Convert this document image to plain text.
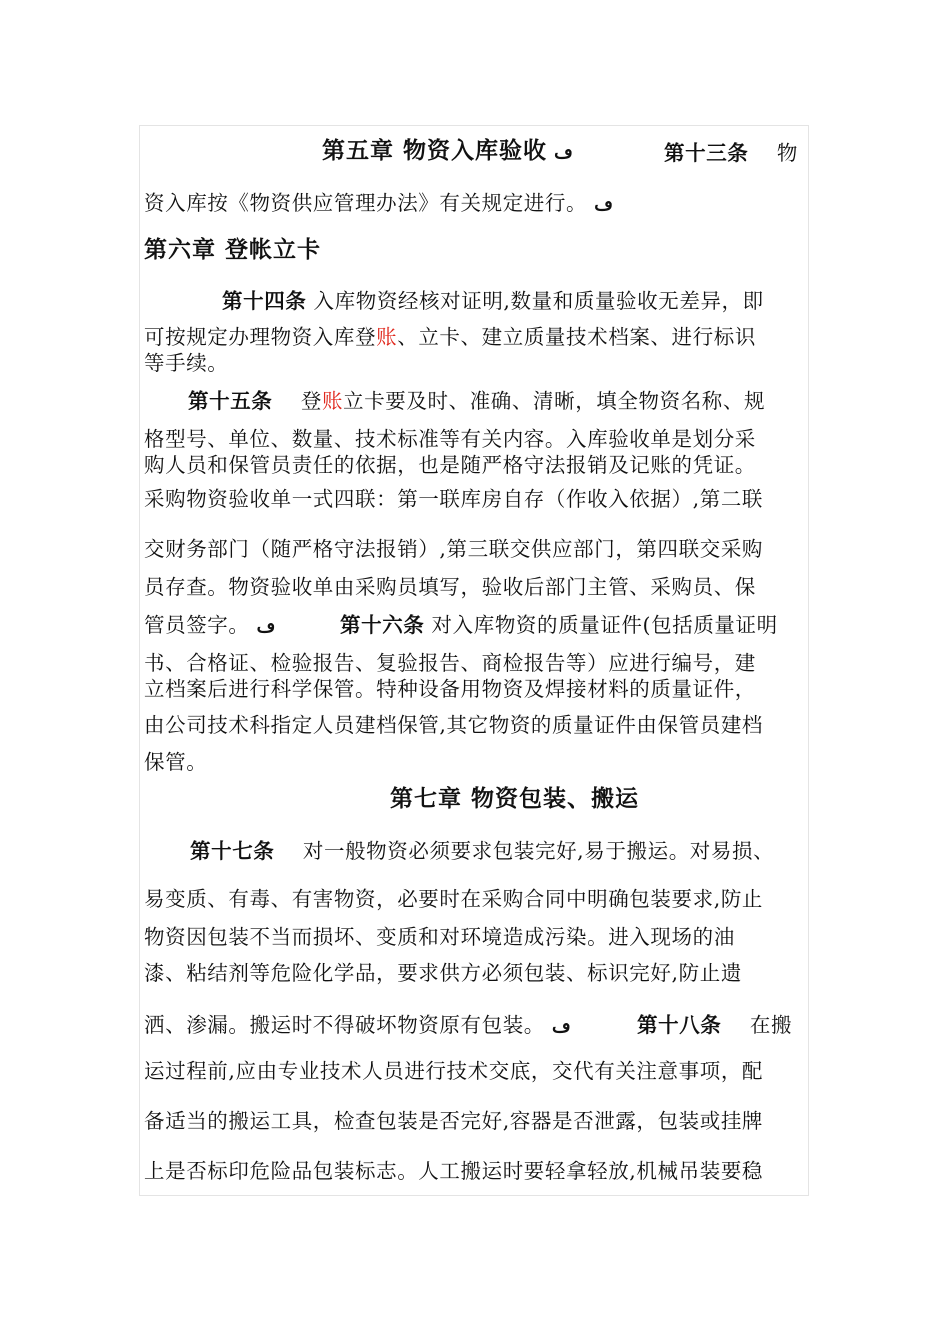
第五章 物资入库验收 ڡ	第十三条 物
资入库按《物资供应管理办法》有关规定进行。 ڡ
第六章 登帐立卡
第十四条 入库物资经核对证明,数量和质量验收无差异，即
可按规定办理物资入库登账、立卡、建立质量技术档案、进行标识
等手续。
第十五条 登账立卡要及时、准确、清晰，填全物资名称、规
格型号、单位、数量、技术标准等有关内容。入库验收单是划分采
购人员和保管员责任的依据，也是随严格守法报销及记账的凭证。
采购物资验收单一式四联：第一联库房自存（作收入依据）,第二联
交财务部门（随严格守法报销）,第三联交供应部门，第四联交采购
员存查。物资验收单由采购员填写，验收后部门主管、采购员、保
管员签字。 ڡ	第十六条 对入库物资的质量证件(包括质量证明
书、合格证、检验报告、复验报告、商检报告等）应进行编号，建
立档案后进行科学保管。特种设备用物资及焊接材料的质量证件，
由公司技术科指定人员建档保管,其它物资的质量证件由保管员建档
保管。
第七章 物资包装、搬运
第十七条 对一般物资必须要求包装完好,易于搬运。对易损、
易变质、有毒、有害物资，必要时在采购合同中明确包装要求,防止
物资因包装不当而损坏、变质和对环境造成污染。进入现场的油
漆、粘结剂等危险化学品，要求供方必须包装、标识完好,防止遗
洒、渗漏。搬运时不得破坏物资原有包装。 ڡ	第十八条 在搬
运过程前,应由专业技术人员进行技术交底，交代有关注意事项，配
备适当的搬运工具，检查包装是否完好,容器是否泄露，包装或挂牌
上是否标印危险品包装标志。人工搬运时要轻拿轻放,机械吊装要稳
